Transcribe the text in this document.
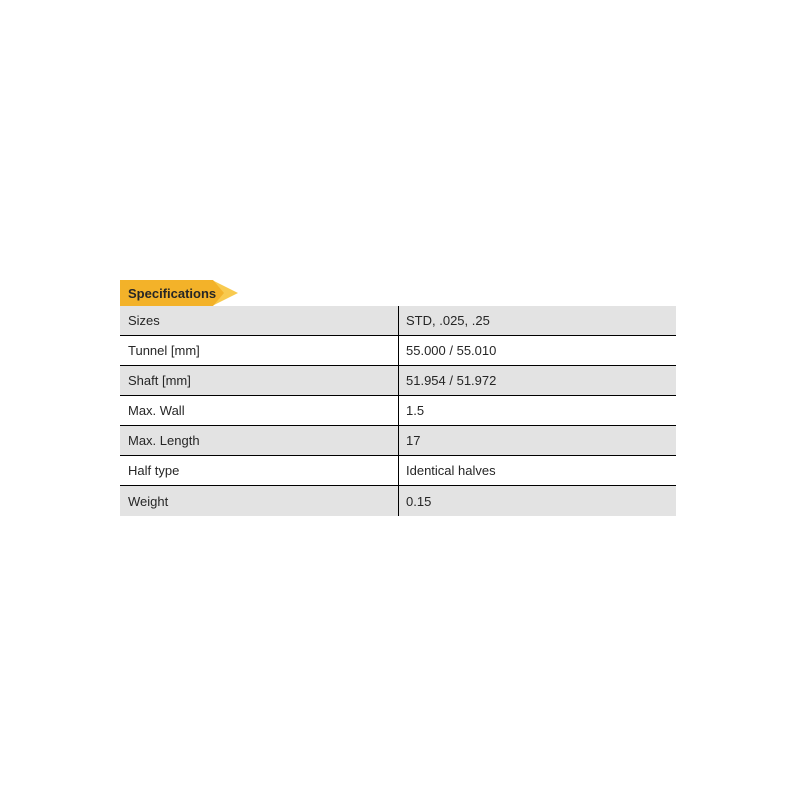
Specifications
Sizes	STD, .025, .25
Tunnel [mm]	55.000 / 55.010
Shaft [mm]	51.954 / 51.972
Max. Wall	1.5
Max. Length	17
Half type	Identical halves
Weight	0.15
